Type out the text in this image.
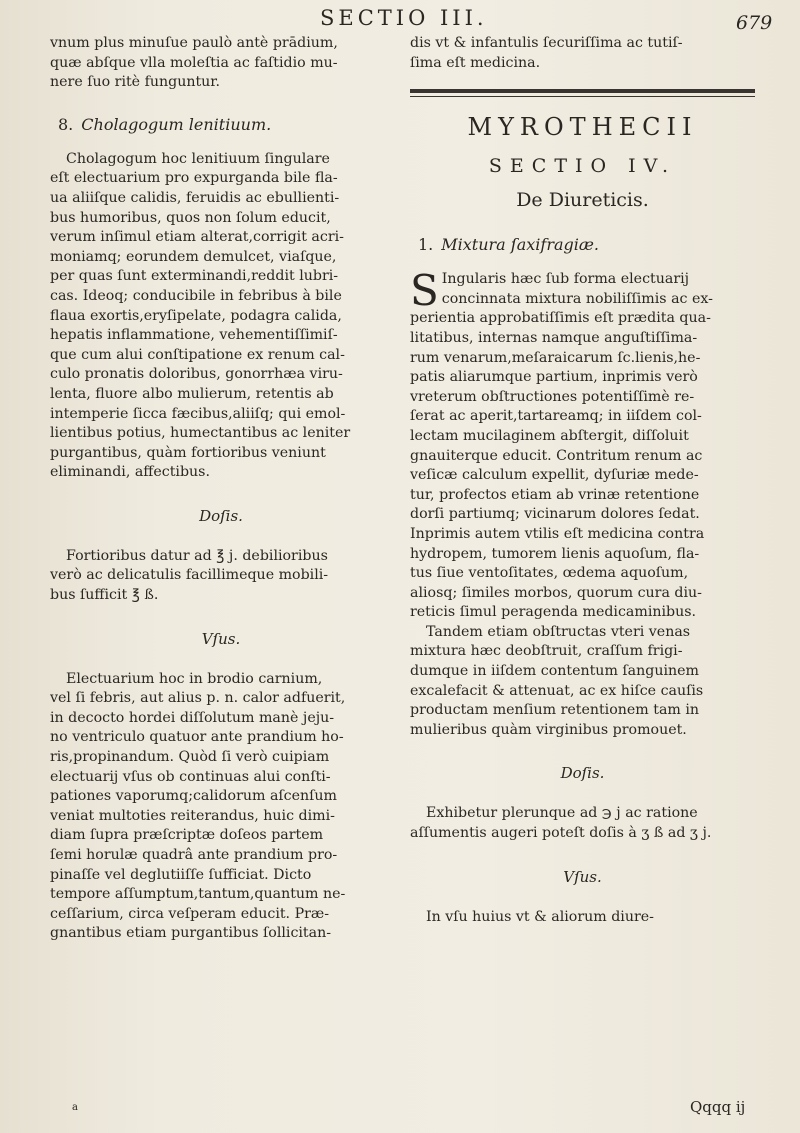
SECTIO III.	679
vnum plus minuſue paulò antè prādium,
quæ abſque vlla moleſtia ac faſtidio mu-
nere ſuo ritè funguntur.
8. Cholagogum lenitiuum.
Cholagogum hoc lenitiuum ſingulare
eſt electuarium pro expurganda bile fla-
ua aliiſque calidis, feruidis ac ebullienti-
bus humoribus, quos non ſolum educit,
verum inſimul etiam alterat,corrigit acri-
moniamq; eorundem demulcet, viaſque,
per quas ſunt exterminandi,reddit lubri-
cas. Ideoq; conducibile in febribus à bile
flaua exortis,eryſipelate, podagra calida,
hepatis inflammatione, vehementiſſimiſ-
que cum alui conſtipatione ex renum cal-
culo pronatis doloribus, gonorrhæa viru-
lenta, fluore albo mulierum, retentis ab
intemperie ſicca fæcibus,aliiſq; qui emol-
lientibus potius, humectantibus ac leniter
purgantibus, quàm fortioribus veniunt
eliminandi, affectibus.
Doſis.
Fortioribus datur ad ℥ j. debilioribus
verò ac delicatulis facillimeque mobili-
bus ſufficit ℥ ß.
Vſus.
Electuarium hoc in brodio carnium,
vel ſi febris, aut alius p. n. calor adfuerit,
in decocto hordei diſſolutum manè jeju-
no ventriculo quatuor ante prandium ho-
ris,propinandum. Quòd ſi verò cuipiam
electuarij vſus ob continuas alui conſti-
pationes vaporumq;calidorum aſcenſum
veniat multoties reiterandus, huic dimi-
diam ſupra præſcriptæ doſeos partem
ſemi horulæ quadrâ ante prandium pro-
pinaſſe vel deglutiiſſe ſufficiat. Dicto
tempore aſſumptum,tantum,quantum ne-
ceſſarium, circa veſperam educit. Præ-
gnantibus etiam purgantibus ſollicitan-
dis vt & infantulis ſecuriſſima ac tutiſ-
ſima eſt medicina.
MYROTHECII
SECTIO IV.
De Diureticis.
1. Mixtura ſaxifragiæ.
S Ingularis hæc ſub forma electuarij
concinnata mixtura nobiliſſimis ac ex-
perientia approbatiſſimis eſt prædita qua-
litatibus, internas namque anguſtiſſima-
rum venarum,meſaraicarum ſc.lienis,he-
patis aliarumque partium, inprimis verò
vreterum obſtructiones potentiſſimè re-
ſerat ac aperit,tartareamq; in iiſdem col-
lectam mucilaginem abſtergit, diſſoluit
gnauiterque educit. Contritum renum ac
veſicæ calculum expellit, dyſuriæ mede-
tur, profectos etiam ab vrinæ retentione
dorſi partiumq; vicinarum dolores ſedat.
Inprimis autem vtilis eſt medicina contra
hydropem, tumorem lienis aquoſum, fla-
tus ſiue ventoſitates, œdema aquoſum,
aliosq; ſimiles morbos, quorum cura diu-
reticis ſimul peragenda medicaminibus.
Tandem etiam obſtructas vteri venas
mixtura hæc deobſtruit, craſſum frigi-
dumque in iiſdem contentum ſanguinem
excalefacit & attenuat, ac ex hiſce cauſis
productam menſium retentionem tam in
mulieribus quàm virginibus promouet.
Doſis.
Exhibetur plerunque ad ℈ j ac ratione
aſſumentis augeri poteſt doſis à ʒ ß ad ʒ j.
Vſus.
In vſu huius vt & aliorum diure-
a	Qqqq ij
